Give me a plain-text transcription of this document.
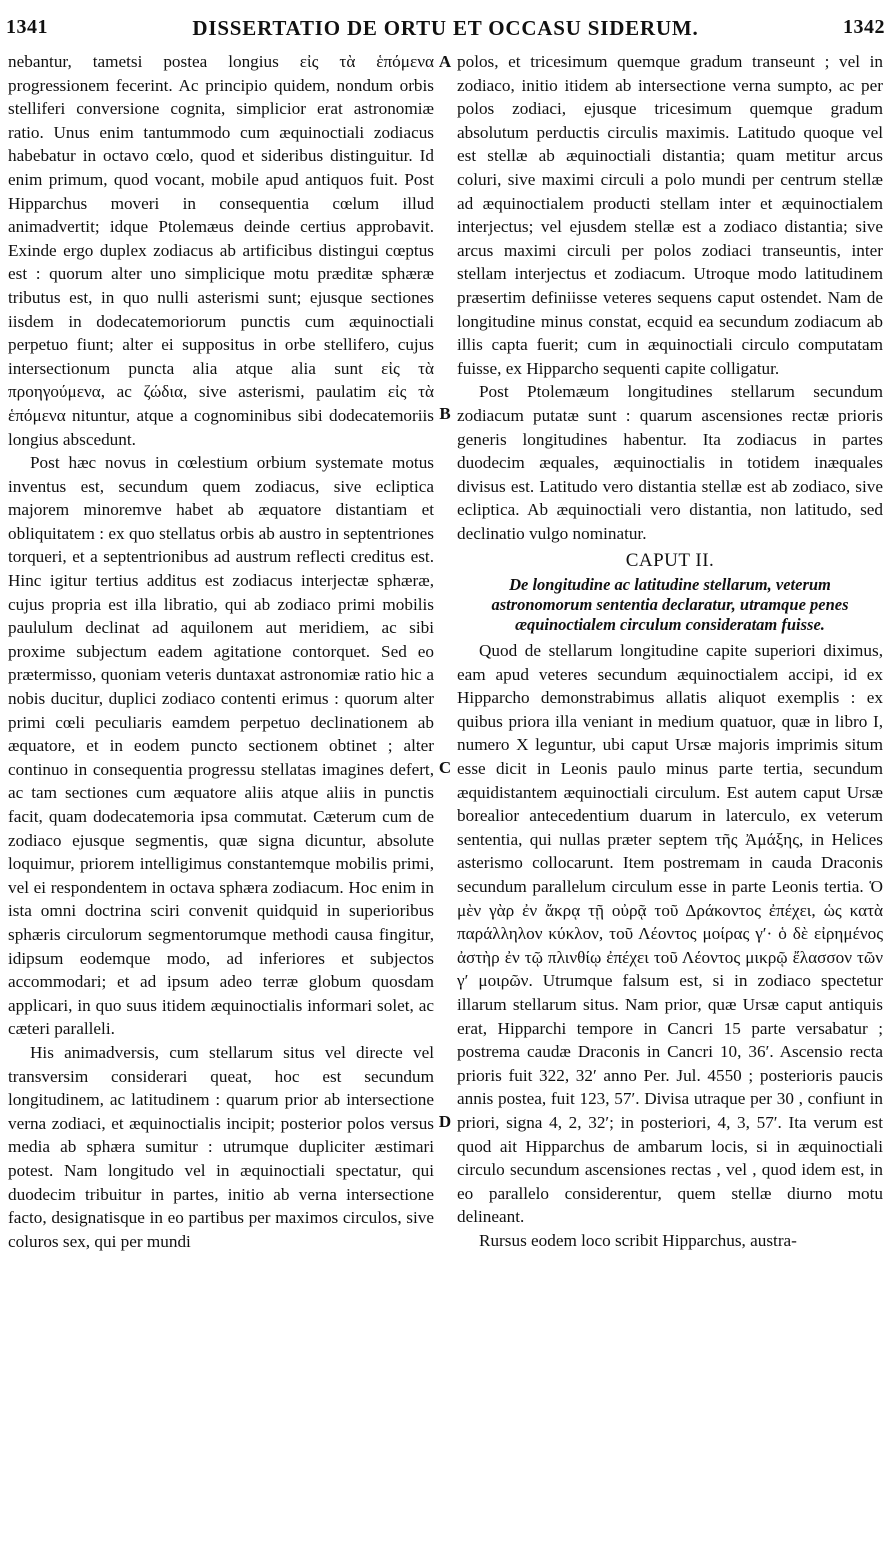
1341	DISSERTATIO DE ORTU ET OCCASU SIDERUM.	1342
A
B
C
D

nebantur, tametsi postea longius εἰς τὰ ἑπόμενα progressionem fecerint. Ac principio quidem, nondum orbis stelliferi conversione cognita, simplicior erat astronomiæ ratio. Unus enim tantummodo cum æquinoctiali zodiacus habebatur in octavo cœlo, quod et sideribus distinguitur. Id enim primum, quod vocant, mobile apud antiquos fuit. Post Hipparchus moveri in consequentia cœlum illud animadvertit; idque Ptolemæus deinde certius approbavit. Exinde ergo duplex zodiacus ab artificibus distingui cœptus est : quorum alter uno simplicique motu præditæ sphæræ tributus est, in quo nulli asterismi sunt; ejusque sectiones iisdem in dodecatemoriorum punctis cum æquinoctiali perpetuo fiunt; alter ei suppositus in orbe stellifero, cujus intersectionum puncta alia atque alia sunt εἰς τὰ προηγούμενα, ac ζώδια, sive asterismi, paulatim εἰς τὰ ἑπόμενα nituntur, atque a cognominibus sibi dodecatemoriis longius abscedunt.

Post hæc novus in cœlestium orbium systemate motus inventus est, secundum quem zodiacus, sive ecliptica majorem minoremve habet ab æquatore distantiam et obliquitatem : ex quo stellatus orbis ab austro in septentriones torqueri, et a septentrionibus ad austrum reflecti creditus est. Hinc igitur tertius additus est zodiacus interjectæ sphæræ, cujus propria est illa libratio, qui ab zodiaco primi mobilis paululum declinat ad aquilonem aut meridiem, ac sibi proxime subjectum eadem agitatione contorquet. Sed eo prætermisso, quoniam veteris duntaxat astronomiæ ratio hic a nobis ducitur, duplici zodiaco contenti erimus : quorum alter primi cœli peculiaris eamdem perpetuo declinationem ab æquatore, et in eodem puncto sectionem obtinet ; alter continuo in consequentia progressu stellatas imagines defert, ac tam sectiones cum æquatore aliis atque aliis in punctis facit, quam dodecatemoria ipsa commutat. Cæterum cum de zodiaco ejusque segmentis, quæ signa dicuntur, absolute loquimur, priorem intelligimus constantemque mobilis primi, vel ei respondentem in octava sphæra zodiacum. Hoc enim in ista omni doctrina sciri convenit quidquid in superioribus sphæris circulorum segmentorumque methodi causa fingitur, idipsum eodemque modo, ad inferiores et subjectos accommodari; et ad ipsum adeo terræ globum quosdam applicari, in quo suus itidem æquinoctialis informari solet, ac cæteri paralleli.

His animadversis, cum stellarum situs vel directe vel transversim considerari queat, hoc est secundum longitudinem, ac latitudinem : quarum prior ab intersectione verna zodiaci, et æquinoctialis incipit; posterior polos versus media ab sphæra sumitur : utrumque dupliciter æstimari potest. Nam longitudo vel in æquinoctiali spectatur, qui duodecim tribuitur in partes, initio ab verna intersectione facto, designatisque in eo partibus per maximos circulos, sive coluros sex, qui per mundi

polos, et tricesimum quemque gradum transeunt ; vel in zodiaco, initio itidem ab intersectione verna sumpto, ac per polos zodiaci, ejusque tricesimum quemque gradum absolutum perductis circulis maximis. Latitudo quoque vel est stellæ ab æquinoctiali distantia; quam metitur arcus coluri, sive maximi circuli a polo mundi per centrum stellæ ad æquinoctialem producti stellam inter et æquinoctialem interjectus; vel ejusdem stellæ est a zodiaco distantia; sive arcus maximi circuli per polos zodiaci transeuntis, inter stellam interjectus et zodiacum. Utroque modo latitudinem præsertim definiisse veteres sequens caput ostendet. Nam de longitudine minus constat, ecquid ea secundum zodiacum ab illis capta fuerit; cum in æquinoctiali circulo computatam fuisse, ex Hipparcho sequenti capite colligatur.

Post Ptolemæum longitudines stellarum secundum zodiacum putatæ sunt : quarum ascensiones rectæ prioris generis longitudines habentur. Ita zodiacus in partes duodecim æquales, æquinoctialis in totidem inæquales divisus est. Latitudo vero distantia stellæ est ab zodiaco, sive ecliptica. Ab æquinoctiali vero distantia, non latitudo, sed declinatio vulgo nominatur.

CAPUT II.
De longitudine ac latitudine stellarum, veterum astronomorum sententia declaratur, utramque penes æquinoctialem circulum consideratam fuisse.

Quod de stellarum longitudine capite superiori diximus, eam apud veteres secundum æquinoctialem accipi, id ex Hipparcho demonstrabimus allatis aliquot exemplis : ex quibus priora illa veniant in medium quatuor, quæ in libro I, numero X leguntur, ubi caput Ursæ majoris imprimis situm esse dicit in Leonis paulo minus parte tertia, secundum æquidistantem æquinoctiali circulum. Est autem caput Ursæ borealior antecedentium duarum in laterculo, ex veterum sententia, qui nullas præter septem τῆς Ἀμάξης, in Helices asterismo collocarunt. Item postremam in cauda Draconis secundum parallelum circulum esse in parte Leonis tertia. Ὁ μὲν γὰρ ἐν ἄκρᾳ τῇ οὐρᾷ τοῦ Δράκοντος ἐπέχει, ὡς κατὰ παράλληλον κύκλον, τοῦ Λέοντος μοίρας γ′· ὁ δὲ εἰρημένος ἀστὴρ ἐν τῷ πλινθίῳ ἐπέχει τοῦ Λέοντος μικρῷ ἔλασσον τῶν γ′ μοιρῶν. Utrumque falsum est, si in zodiaco spectetur illarum stellarum situs. Nam prior, quæ Ursæ caput antiquis erat, Hipparchi tempore in Cancri 15 parte versabatur ; postrema caudæ Draconis in Cancri 10, 36′. Ascensio recta prioris fuit 322, 32′ anno Per. Jul. 4550 ; posterioris paucis annis postea, fuit 123, 57′. Divisa utraque per 30 , confiunt in priori, signa 4, 2, 32′; in posteriori, 4, 3, 57′. Ita verum est quod ait Hipparchus de ambarum locis, si in æquinoctiali circulo secundum ascensiones rectas , vel , quod idem est, in eo parallelo considerentur, quem stellæ diurno motu delineant.

Rursus eodem loco scribit Hipparchus, austra-
